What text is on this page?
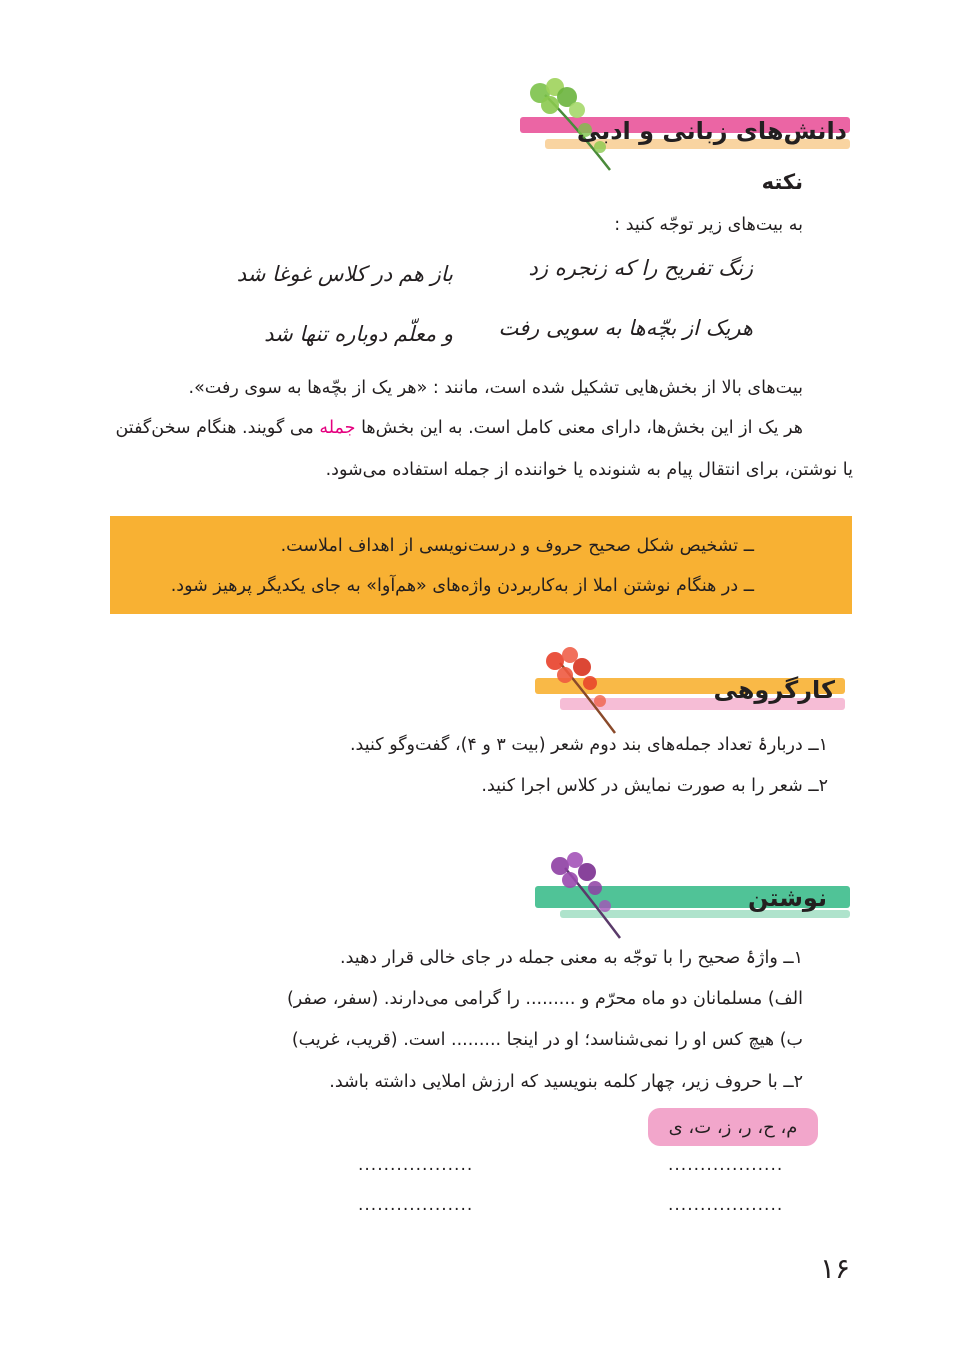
دانش‌های زبانی و ادبی
نکته
به بیت‌های زیر توجّه کنید :
زنگ تفریح را که زنجره زد
باز هم در کلاس غوغا شد
هریک از بچّه‌ها به سویی رفت
و معلّم دوباره تنها شد
بیت‌های بالا از بخش‌هایی تشکیل شده است، مانند : «هر یک از بچّه‌ها به سوی رفت».
هر یک از این بخش‌ها، دارای معنی کامل است. به این بخش‌ها جمله می گویند. هنگام سخن‌گفتن
یا نوشتن، برای انتقال پیام به شنونده یا خواننده از جمله استفاده می‌شود.
ــ تشخیص شکل صحیح حروف و درست‌نویسی از اهداف املاست.
ــ در هنگام نوشتن املا از به‌کاربردن واژه‌های «هم‌آوا» به جای یکدیگر پرهیز شود.
کارگروهی
۱ــ دربارۂ تعداد جمله‌های بند دوم شعر (بیت ۳ و ۴)، گفت‌وگو کنید.
۲ــ شعر را به صورت نمایش در کلاس اجرا کنید.
نوشتن
۱ــ واژۂ صحیح را با توجّه به معنی جمله در جای خالی قرار دهید.
الف) مسلمانان دو ماه محرّم و ......... را گرامی می‌دارند. (سفر، صفر)
ب) هیچ کس او را نمی‌شناسد؛ او در اینجا ......... است. (قریب، غریب)
۲ــ با حروف زیر، چهار کلمه بنویسید که ارزش املایی داشته باشد.
م، ح، ر، ز، ت، ی
..................
..................
..................
..................
۱۶
